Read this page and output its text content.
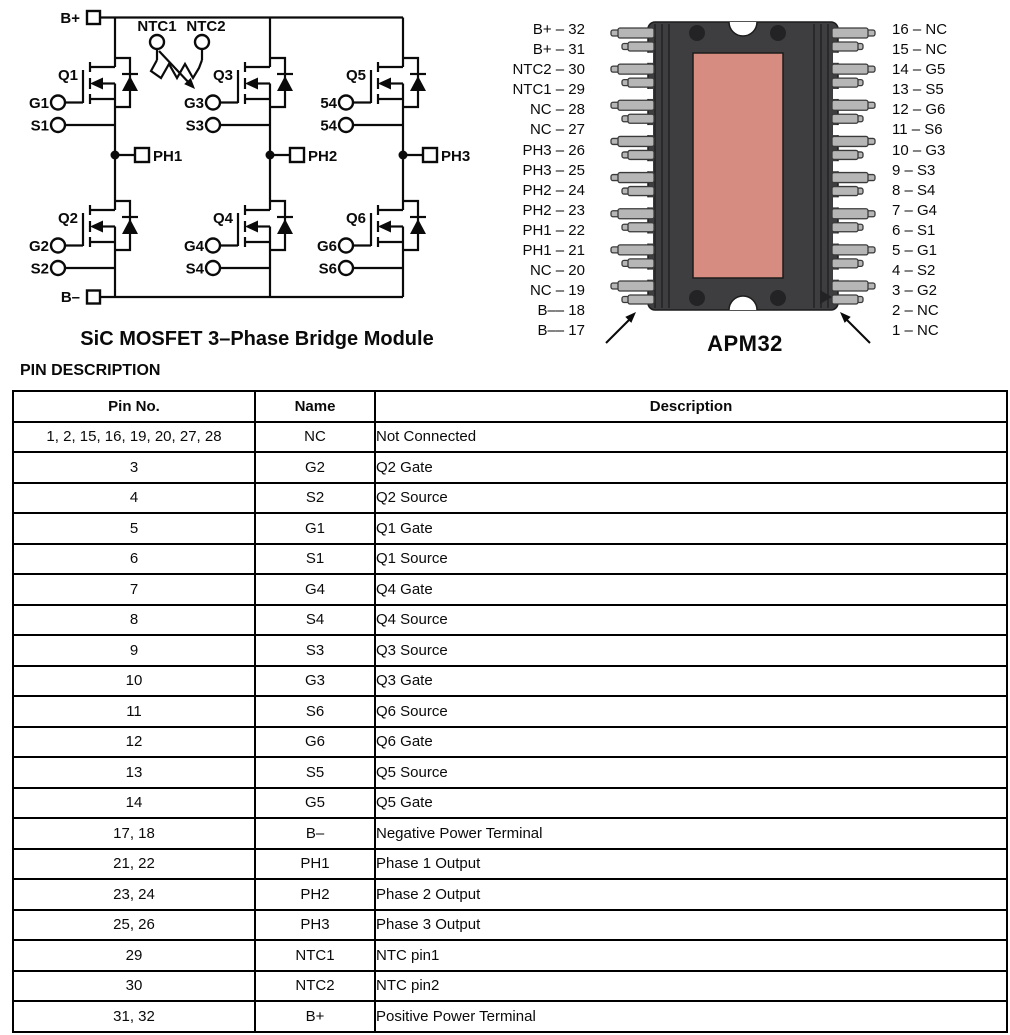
B+
B–
NTC1 NTC2
Q1
G1
S1
Q2
G2
S2
Q3
G3
S3
Q4
G4
S4
Q5
54
54
Q6
G6
S6
PH1	PH2	PH3
SiC MOSFET 3–Phase Bridge Module
B+ – 32
B+ – 31
NTC2 – 30
NTC1 – 29
NC – 28
NC – 27
PH3 – 26
PH3 – 25
PH2 – 24
PH2 – 23
PH1 – 22
PH1 – 21
NC – 20
NC – 19
B–– 18
B–– 17
16 – NC
15 – NC
14 – G5
13 – S5
12 – G6
11 – S6
10 – G3
9 – S3
8 – S4
7 – G4
6 – S1
5 – G1
4 – S2
3 – G2
2 – NC
1 – NC
APM32
PIN DESCRIPTION
Pin No.	Name	Description
1, 2, 15, 16, 19, 20, 27, 28	NC	Not Connected
3	G2	Q2 Gate
4	S2	Q2 Source
5	G1	Q1 Gate
6	S1	Q1 Source
7	G4	Q4 Gate
8	S4	Q4 Source
9	S3	Q3 Source
10	G3	Q3 Gate
11	S6	Q6 Source
12	G6	Q6 Gate
13	S5	Q5 Source
14	G5	Q5 Gate
17, 18	B–	Negative Power Terminal
21, 22	PH1	Phase 1 Output
23, 24	PH2	Phase 2 Output
25, 26	PH3	Phase 3 Output
29	NTC1	NTC pin1
30	NTC2	NTC pin2
31, 32	B+	Positive Power Terminal
